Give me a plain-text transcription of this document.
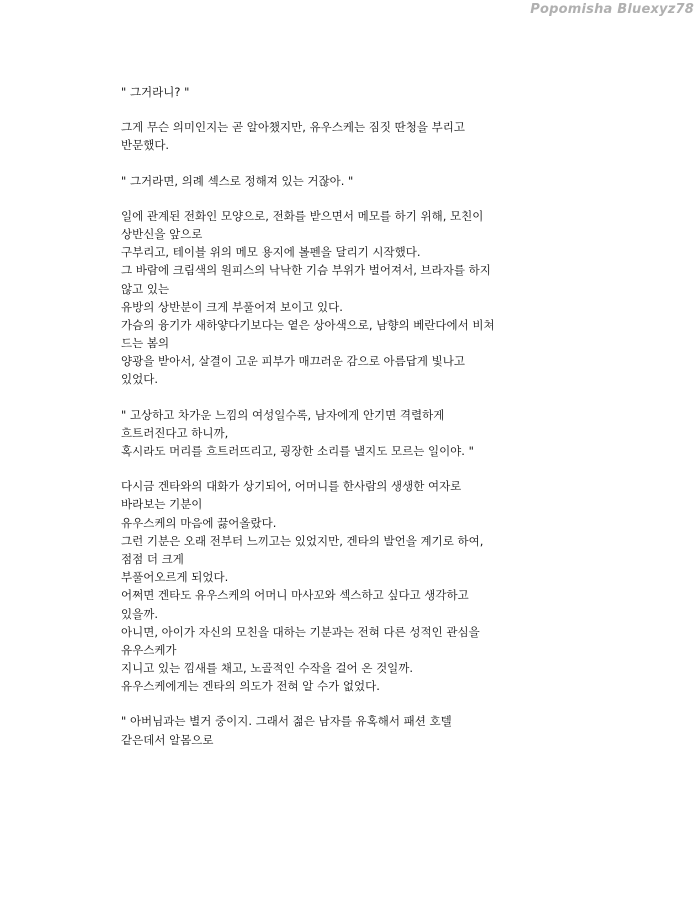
Popomisha Bluexyz78

" 그거라니? "

그게 무슨 의미인지는 곧 알아챘지만, 유우스케는 짐짓 딴청을 부리고
반문했다.

" 그거라면, 의례 섹스로 정해져 있는 거잖아. "

일에 관계된 전화인 모양으로, 전화를 받으면서 메모를 하기 위해, 모친이
상반신을 앞으로
구부리고, 테이블 위의 메모 용지에 볼펜을 달리기 시작했다.
그 바람에 크림색의 원피스의 낙낙한 기슴 부위가 벌어져서, 브라자를 하지
않고 있는
유방의 상반분이 크게 부풀어져 보이고 있다.
가슴의 융기가 새하얗다기보다는 옅은 상아색으로, 남향의 베란다에서 비쳐
드는 봄의
양광을 받아서, 살결이 고운 피부가 매끄러운 감으로 아름답게 빛나고
있었다.

" 고상하고 차가운 느낌의 여성일수록, 남자에게 안기면 격렬하게
흐트러진다고 하니까,
혹시라도 머리를 흐트러뜨리고, 굉장한 소리를 낼지도 모르는 일이야. "

다시금 겐타와의 대화가 상기되어, 어머니를 한사람의 생생한 여자로
바라보는 기분이
유우스케의 마음에 끓어올랐다.
그런 기분은 오래 전부터 느끼고는 있었지만, 겐타의 발언을 계기로 하여,
점점 더 크게
부풀어오르게 되었다.
어쩌면 겐타도 유우스케의 어머니 마사꼬와 섹스하고 싶다고 생각하고
있을까.
아니면, 아이가 자신의 모친을 대하는 기분과는 전혀 다른 성적인 관심을
유우스케가
지니고 있는 낌새를 채고, 노골적인 수작을 걸어 온 것일까.
유우스케에게는 겐타의 의도가 전혀 알 수가 없었다.

" 아버님과는 별거 중이지. 그래서 젊은 남자를 유혹해서 패션 호텔
같은데서 알몸으로
